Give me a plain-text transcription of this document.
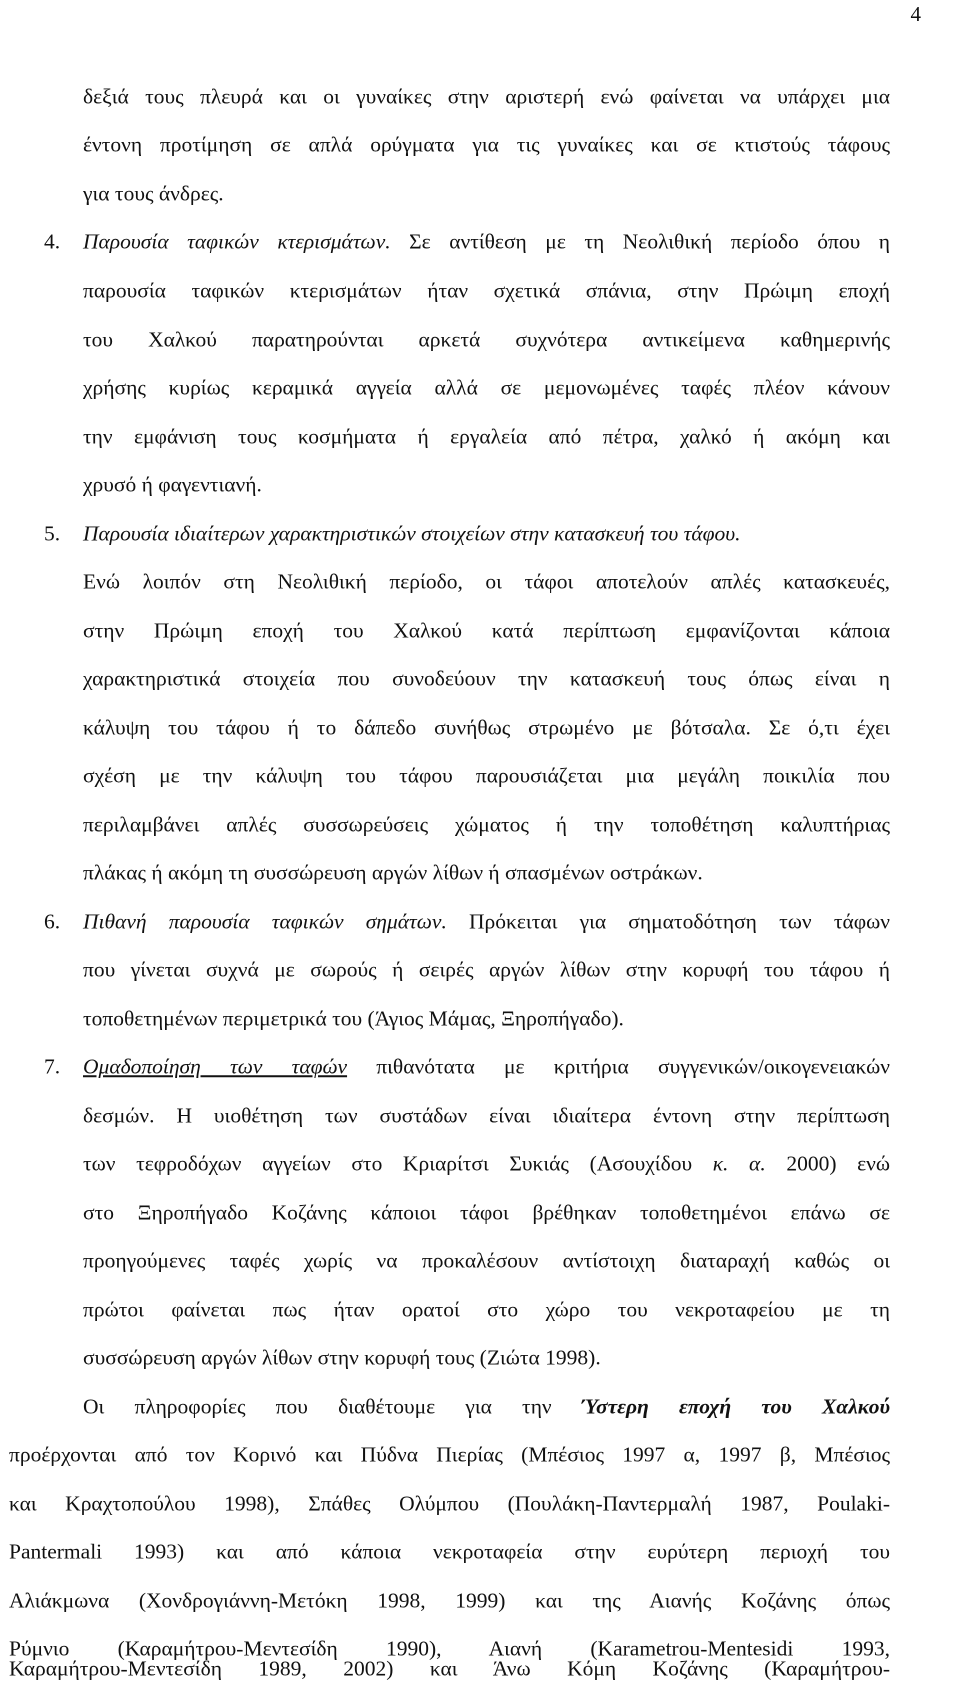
4
δεξιά τους πλευρά και οι γυναίκες στην αριστερή ενώ φαίνεται να υπάρχει μια
έντονη προτίμηση σε απλά ορύγματα για τις γυναίκες και σε κτιστούς τάφους
για τους άνδρες.
4. Παρουσία ταφικών κτερισμάτων. Σε αντίθεση με τη Νεολιθική περίοδο όπου η
παρουσία ταφικών κτερισμάτων ήταν σχετικά σπάνια, στην Πρώιμη εποχή
του Χαλκού παρατηρούνται αρκετά συχνότερα αντικείμενα καθημερινής
χρήσης κυρίως κεραμικά αγγεία αλλά σε μεμονωμένες ταφές πλέον κάνουν
την εμφάνιση τους κοσμήματα ή εργαλεία από πέτρα, χαλκό ή ακόμη και
χρυσό ή φαγεντιανή.
5. Παρουσία ιδιαίτερων χαρακτηριστικών στοιχείων στην κατασκευή του τάφου.
Ενώ λοιπόν στη Νεολιθική περίοδο, οι τάφοι αποτελούν απλές κατασκευές,
στην Πρώιμη εποχή του Χαλκού κατά περίπτωση εμφανίζονται κάποια
χαρακτηριστικά στοιχεία που συνοδεύουν την κατασκευή τους όπως είναι η
κάλυψη του τάφου ή το δάπεδο συνήθως στρωμένο με βότσαλα. Σε ό,τι έχει
σχέση με την κάλυψη του τάφου παρουσιάζεται μια μεγάλη ποικιλία που
περιλαμβάνει απλές συσσωρεύσεις χώματος ή την τοποθέτηση καλυπτήριας
πλάκας ή ακόμη τη συσσώρευση αργών λίθων ή σπασμένων οστράκων.
6. Πιθανή παρουσία ταφικών σημάτων. Πρόκειται για σηματοδότηση των τάφων
που γίνεται συχνά με σωρούς ή σειρές αργών λίθων στην κορυφή του τάφου ή
τοποθετημένων περιμετρικά του (Άγιος Μάμας, Ξηροπήγαδο).
7. Ομαδοποίηση των ταφών πιθανότατα με κριτήρια συγγενικών/οικογενειακών
δεσμών. Η υιοθέτηση των συστάδων είναι ιδιαίτερα έντονη στην περίπτωση
των τεφροδόχων αγγείων στο Κριαρίτσι Συκιάς (Ασουχίδου κ. α. 2000) ενώ
στο Ξηροπήγαδο Κοζάνης κάποιοι τάφοι βρέθηκαν τοποθετημένοι επάνω σε
προηγούμενες ταφές χωρίς να προκαλέσουν αντίστοιχη διαταραχή καθώς οι
πρώτοι φαίνεται πως ήταν ορατοί στο χώρο του νεκροταφείου με τη
συσσώρευση αργών λίθων στην κορυφή τους (Ζιώτα 1998).
Οι πληροφορίες που διαθέτουμε για την Ύστερη εποχή του Χαλκού
προέρχονται από τον Κορινό και Πύδνα Πιερίας (Μπέσιος 1997 α, 1997 β, Μπέσιος
και Κραχτοπούλου 1998), Σπάθες Ολύμπου (Πουλάκη-Παντερμαλή 1987, Poulaki-
Pantermali 1993) και από κάποια νεκροταφεία στην ευρύτερη περιοχή του
Αλιάκμωνα (Χονδρογιάννη-Μετόκη 1998, 1999) και της Αιανής Κοζάνης όπως
Ρύμνιο (Καραμήτρου-Μεντεσίδη 1990), Αιανή (Karametrou-Mentesidi 1993,
Καραμήτρου-Μεντεσίδη 1989, 2002) και Άνω Κόμη Κοζάνης (Καραμήτρου-
